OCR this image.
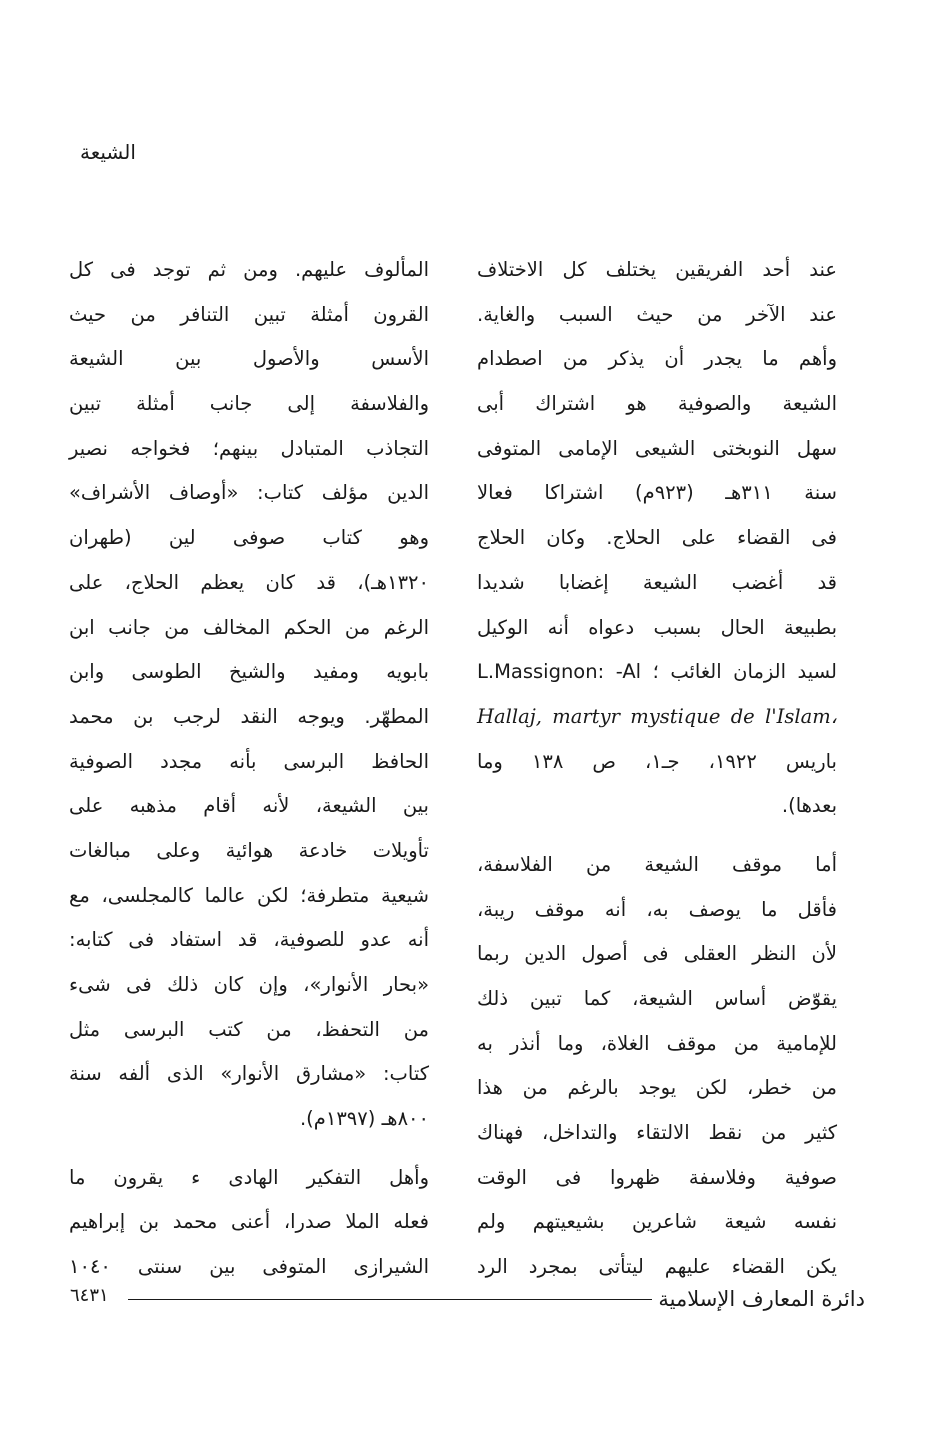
الشيعة
عند أحد الفريقين يختلف كل الاختلاف
عند الآخر من حيث السبب والغاية.
وأهم ما يجدر أن يذكر من اصطدام
الشيعة والصوفية هو اشتراك أبى
سهل النوبختى الشيعى الإمامى المتوفى
سنة ٣١١هـ (٩٢٣م) اشتراكا فعالا
فى القضاء على الحلاج. وكان الحلاج
قد أغضب الشيعة إغضابا شديدا
بطبيعة الحال بسبب دعواه أنه الوكيل
لسيد الزمان الغائب ؛ L.Massignon: -Al
Hallaj, martyr mystique de l'Islam،
باريس ١٩٢٢، جـ١، ص ١٣٨ وما
بعدها).
أما موقف الشيعة من الفلاسفة،
فأقل ما يوصف به، أنه موقف ريبة،
لأن النظر العقلى فى أصول الدين ربما
يقوّض أساس الشيعة، كما تبين ذلك
للإمامية من موقف الغلاة، وما أنذر به
من خطر، لكن يوجد بالرغم من هذا
كثير من نقط الالتقاء والتداخل، فهناك
صوفية وفلاسفة ظهروا فى الوقت
نفسه شيعة شاعرين بشيعيتهم ولم
يكن القضاء عليهم ليتأتى بمجرد الرد
المألوف عليهم. ومن ثم توجد فى كل
القرون أمثلة تبين التنافر من حيث
الأسس والأصول بين الشيعة
والفلاسفة إلى جانب أمثلة تبين
التجاذب المتبادل بينهم؛ فخواجه نصير
الدين مؤلف كتاب: «أوصاف الأشراف»
وهو كتاب صوفى لين (طهران
١٣٢٠هـ)، قد كان يعظم الحلاج، على
الرغم من الحكم المخالف من جانب ابن
بابويه ومفيد والشيخ الطوسى وابن
المطهّر. ويوجه النقد لرجب بن محمد
الحافظ البرسى بأنه مجدد الصوفية
بين الشيعة، لأنه أقام مذهبه على
تأويلات خادعة هوائية وعلى مبالغات
شيعية متطرفة؛ لكن عالما كالمجلسى، مع
أنه عدو للصوفية، قد استفاد فى كتابه:
«بحار الأنوار»، وإن كان ذلك فى شىء
من التحفظ، من كتب البرسى مثل
كتاب: «مشارق الأنوار» الذى ألفه سنة
٨٠٠هـ (١٣٩٧م).
وأهل التفكير الهادى ء يقرون ما
فعله الملا صدرا، أعنى محمد بن إبراهيم
الشيرازى المتوفى بين سنتى ١٠٤٠
٦٤٣١	دائرة المعارف الإسلامية
